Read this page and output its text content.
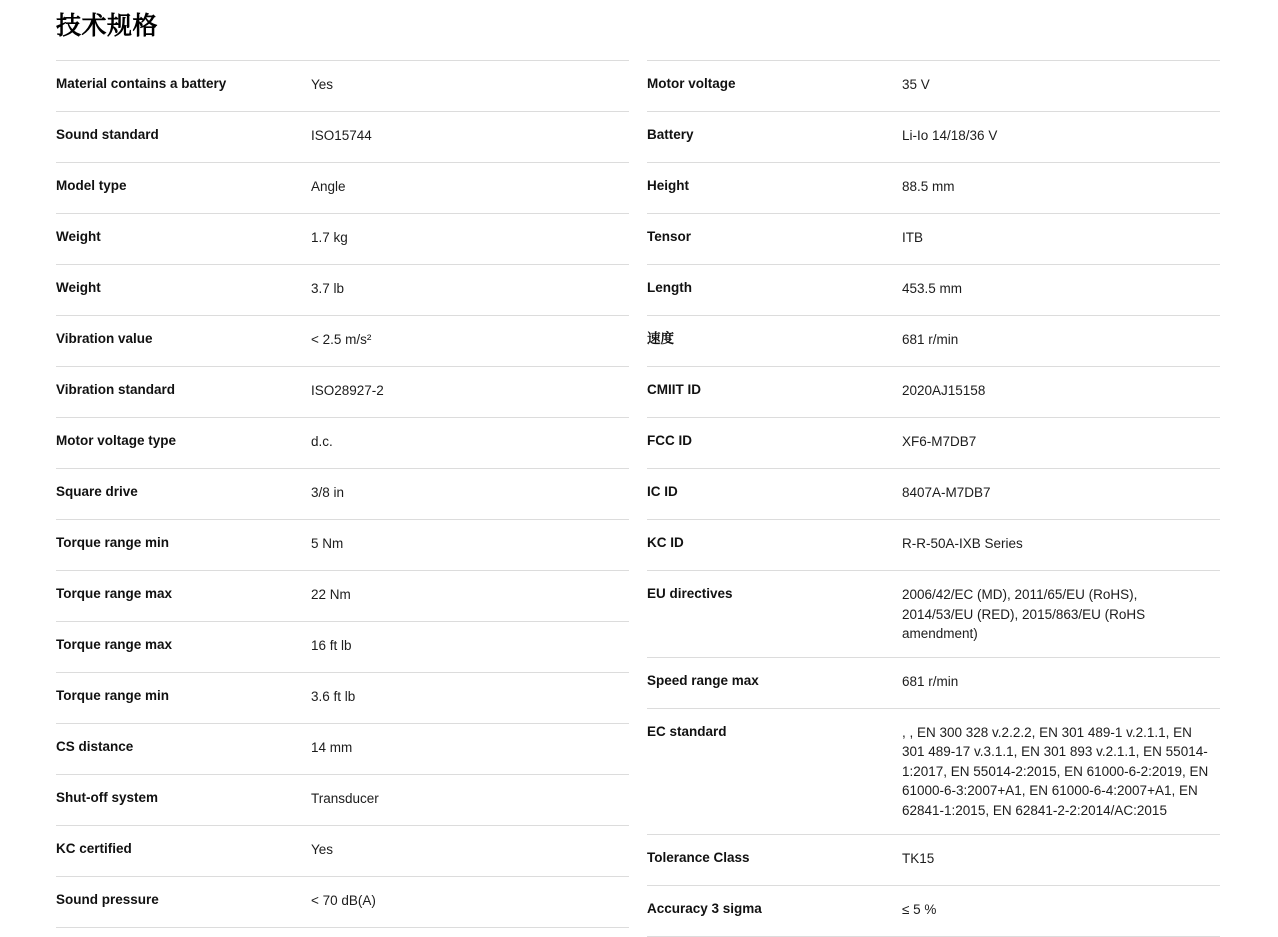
技术规格
Material contains a battery	Yes
Sound standard	ISO15744
Model type	Angle
Weight	1.7 kg
Weight	3.7 lb
Vibration value	< 2.5 m/s²
Vibration standard	ISO28927-2
Motor voltage type	d.c.
Square drive	3/8 in
Torque range min	5 Nm
Torque range max	22 Nm
Torque range max	16 ft lb
Torque range min	3.6 ft lb
CS distance	14 mm
Shut-off system	Transducer
KC certified	Yes
Sound pressure	< 70 dB(A)
Motor voltage	35 V
Battery	Li-Io 14/18/36 V
Height	88.5 mm
Tensor	ITB
Length	453.5 mm
速度	681 r/min
CMIIT ID	2020AJ15158
FCC ID	XF6-M7DB7
IC ID	8407A-M7DB7
KC ID	R-R-50A-IXB Series
EU directives	2006/42/EC (MD), 2011/65/EU (RoHS), 2014/53/EU (RED), 2015/863/EU (RoHS amendment)
Speed range max	681 r/min
EC standard	, , EN 300 328 v.2.2.2, EN 301 489-1 v.2.1.1, EN 301 489-17 v.3.1.1, EN 301 893 v.2.1.1, EN 55014-1:2017, EN 55014-2:2015, EN 61000-6-2:2019, EN 61000-6-3:2007+A1, EN 61000-6-4:2007+A1, EN 62841-1:2015, EN 62841-2-2:2014/AC:2015
Tolerance Class	TK15
Accuracy 3 sigma	≤ 5 %
